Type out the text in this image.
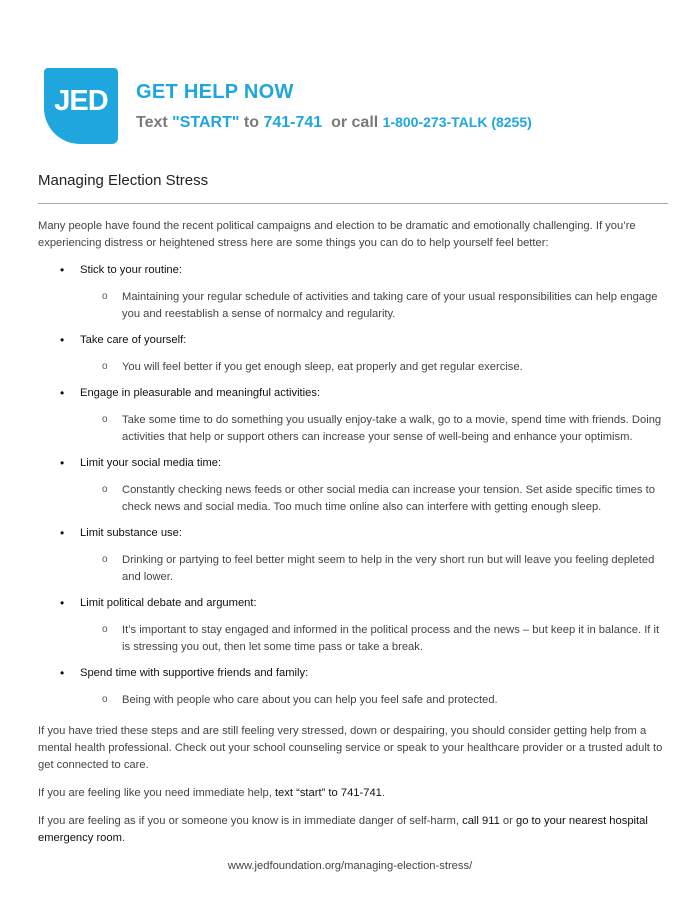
JED	GET HELP NOW
Text "START" to 741-741  or call 1-800-273-TALK (8255)
Managing Election Stress

Many people have found the recent political campaigns and election to be dramatic and emotionally challenging. If you’re experiencing distress or heightened stress here are some things you can do to help yourself feel better:

• Stick to your routine:
o Maintaining your regular schedule of activities and taking care of your usual responsibilities can help engage you and reestablish a sense of normalcy and regularity.
• Take care of yourself:
o You will feel better if you get enough sleep, eat properly and get regular exercise.
• Engage in pleasurable and meaningful activities:
o Take some time to do something you usually enjoy-take a walk, go to a movie, spend time with friends. Doing activities that help or support others can increase your sense of well-being and enhance your optimism.
• Limit your social media time:
o Constantly checking news feeds or other social media can increase your tension. Set aside specific times to check news and social media. Too much time online also can interfere with getting enough sleep.
• Limit substance use:
o Drinking or partying to feel better might seem to help in the very short run but will leave you feeling depleted and lower.
• Limit political debate and argument:
o It’s important to stay engaged and informed in the political process and the news – but keep it in balance. If it is stressing you out, then let some time pass or take a break.
• Spend time with supportive friends and family:
o Being with people who care about you can help you feel safe and protected.

If you have tried these steps and are still feeling very stressed, down or despairing, you should consider getting help from a mental health professional. Check out your school counseling service or speak to your healthcare provider or a trusted adult to get connected to care.

If you are feeling like you need immediate help, text “start” to 741-741.

If you are feeling as if you or someone you know is in immediate danger of self-harm, call 911 or go to your nearest hospital emergency room.

www.jedfoundation.org/managing-election-stress/
